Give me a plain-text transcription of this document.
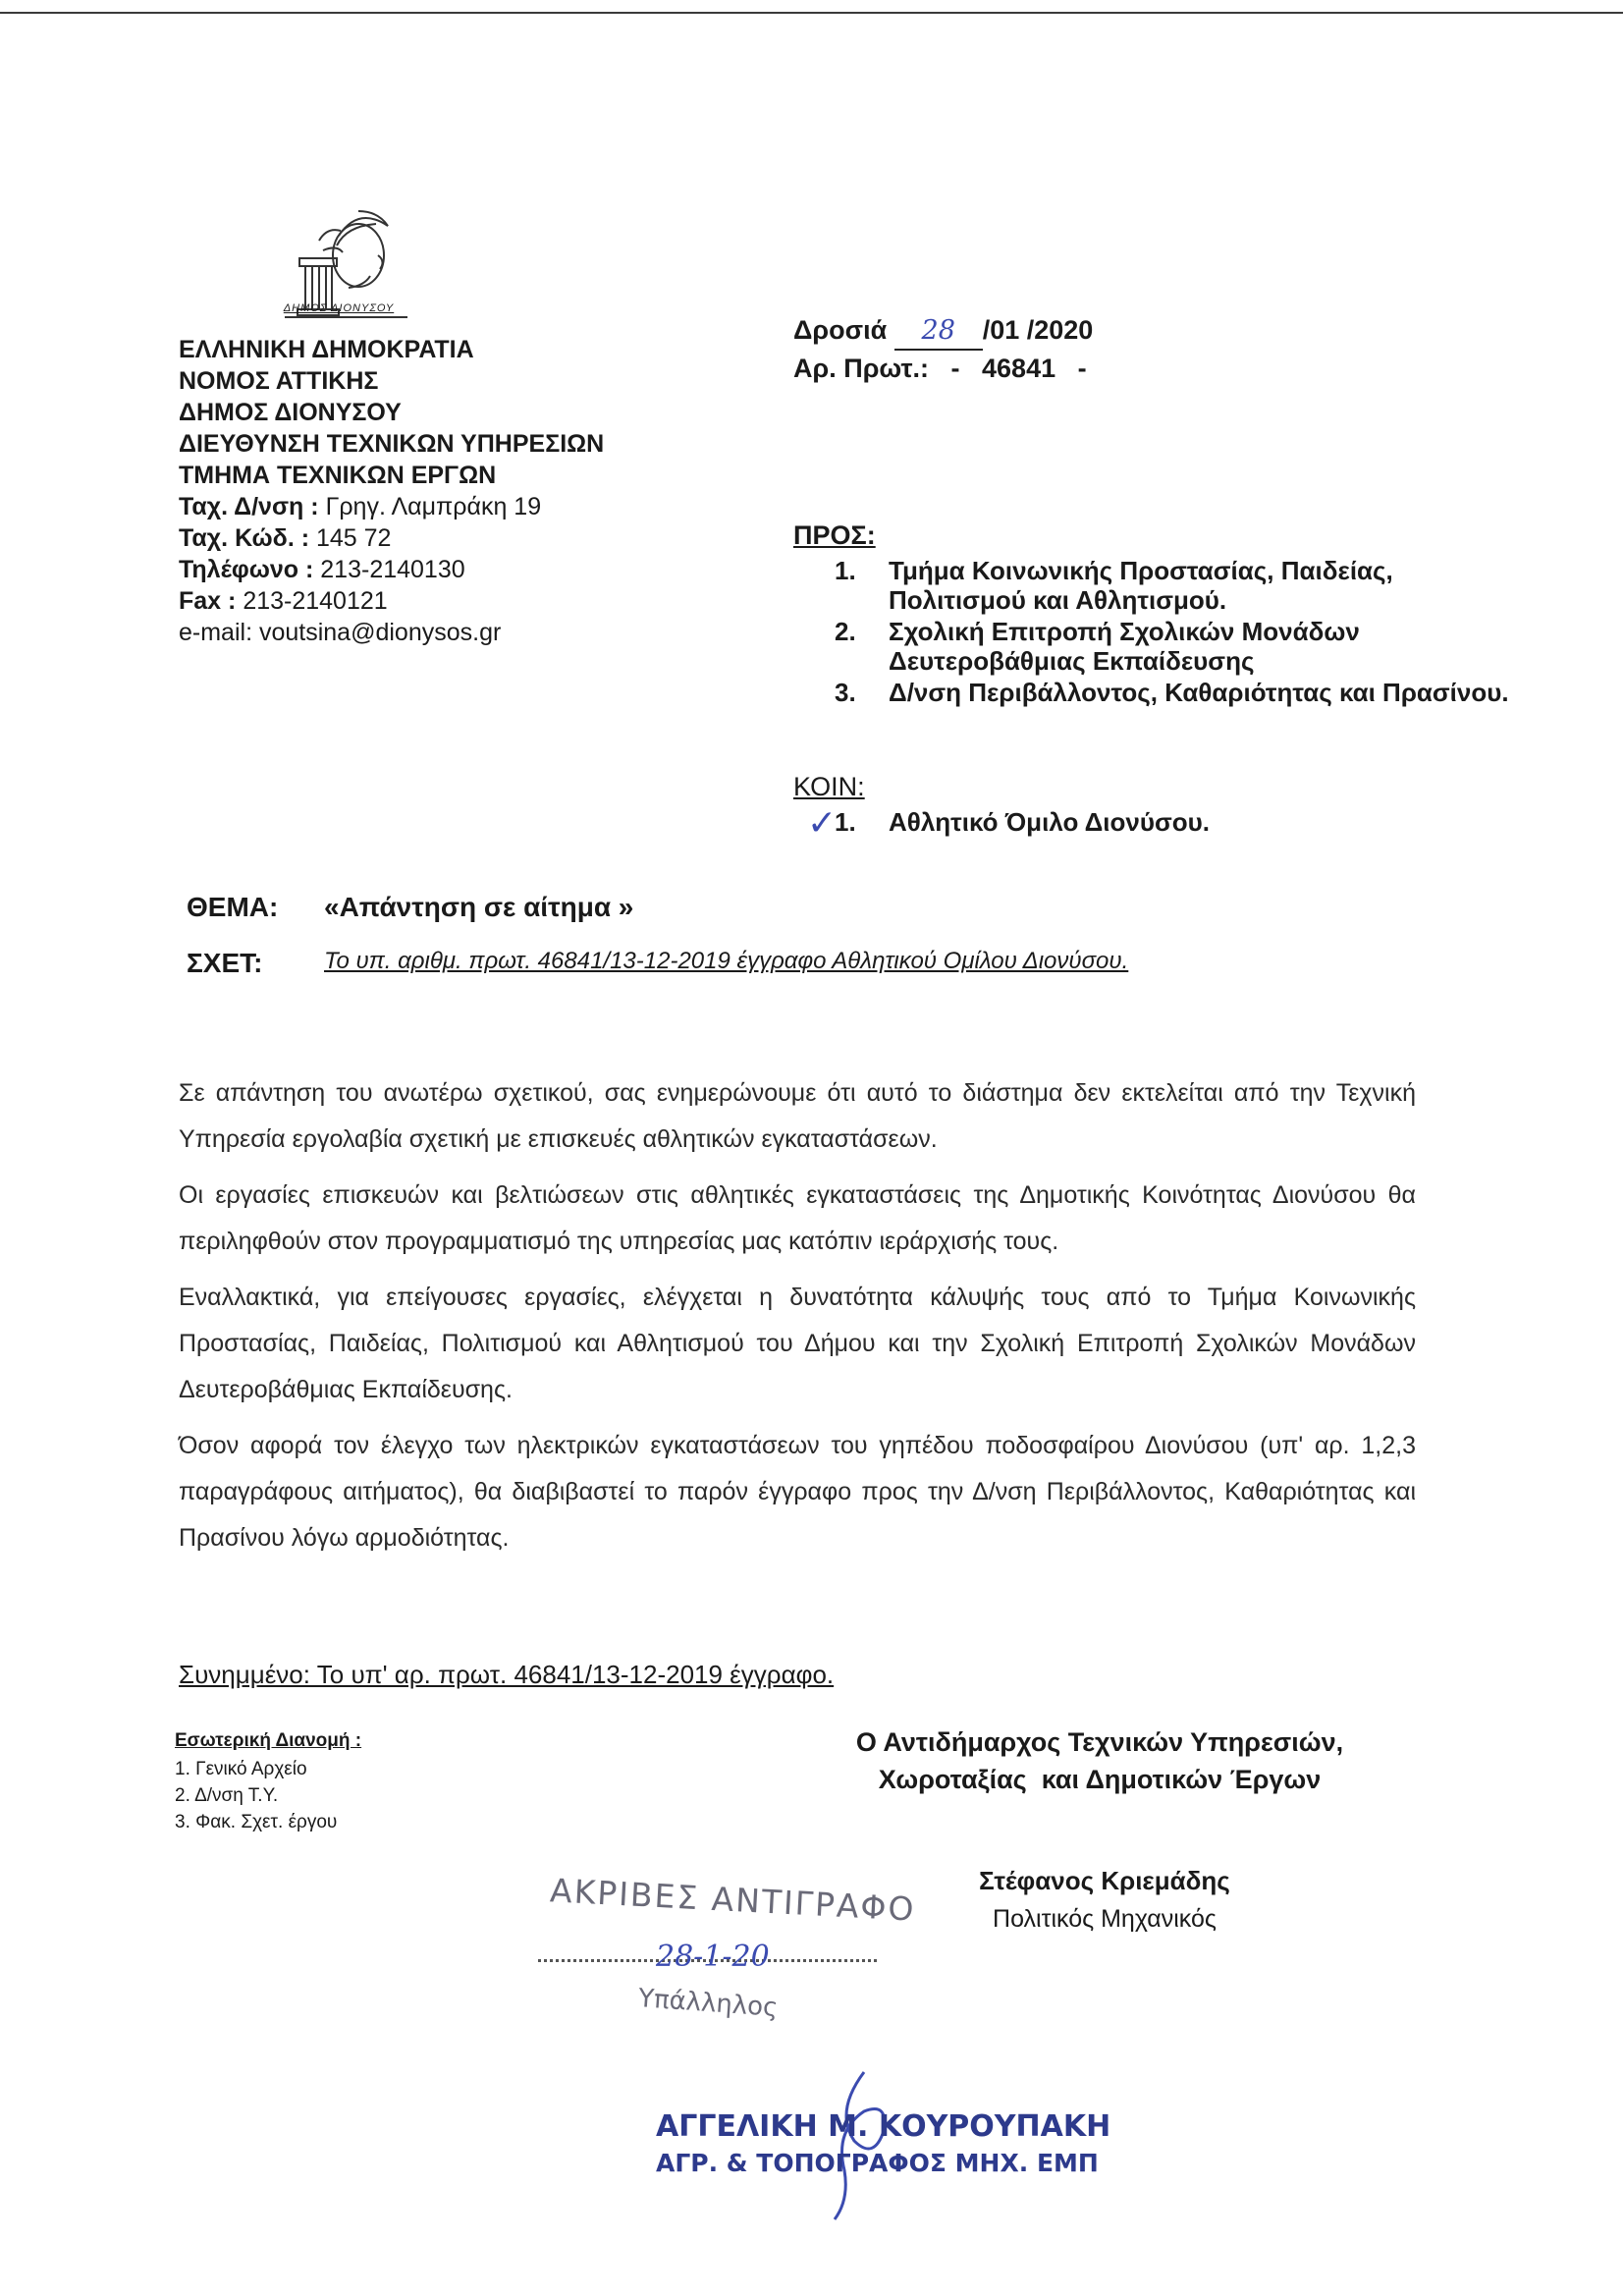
ΔΗΜΟΣ ΔΙΟΝΥΣΟΥ
ΕΛΛΗΝΙΚΗ ΔΗΜΟΚΡΑΤΙΑ
ΝΟΜΟΣ ΑΤΤΙΚΗΣ
ΔΗΜΟΣ ΔΙΟΝΥΣΟΥ
ΔΙΕΥΘΥΝΣΗ ΤΕΧΝΙΚΩΝ ΥΠΗΡΕΣΙΩΝ
ΤΜΗΜΑ ΤΕΧΝΙΚΩΝ ΕΡΓΩΝ
Ταχ. Δ/νση : Γρηγ. Λαμπράκη 19
Ταχ. Κώδ. : 145 72
Τηλέφωνο : 213-2140130
Fax : 213-2140121
e-mail: voutsina@dionysos.gr
Δροσιά 28 /01 /2020
Αρ. Πρωτ.: -   46841   -
ΠΡΟΣ:
1.	Τμήμα Κοινωνικής Προστασίας, Παιδείας, Πολιτισμού και Αθλητισμού.
2.	Σχολική Επιτροπή Σχολικών Μονάδων Δευτεροβάθμιας Εκπαίδευσης
3.	Δ/νση Περιβάλλοντος, Καθαριότητας και Πρασίνου.
ΚΟΙΝ:
✓
1. Αθλητικό Όμιλο Διονύσου.
ΘΕΜΑ: «Απάντηση σε αίτημα »
ΣΧΕΤ:	Το υπ. αριθμ. πρωτ. 46841/13-12-2019 έγγραφο Αθλητικού Ομίλου Διονύσου.

Σε απάντηση του ανωτέρω σχετικού, σας ενημερώνουμε ότι αυτό το διάστημα δεν εκτελείται από την Τεχνική Υπηρεσία εργολαβία σχετική με επισκευές αθλητικών εγκαταστάσεων.

Οι εργασίες επισκευών και βελτιώσεων στις αθλητικές εγκαταστάσεις της Δημοτικής Κοινότητας Διονύσου θα περιληφθούν στον προγραμματισμό της υπηρεσίας μας κατόπιν ιεράρχισής τους.

Εναλλακτικά, για επείγουσες εργασίες, ελέγχεται η δυνατότητα κάλυψής τους από το Τμήμα Κοινωνικής Προστασίας, Παιδείας, Πολιτισμού και Αθλητισμού του Δήμου και την Σχολική Επιτροπή Σχολικών Μονάδων Δευτεροβάθμιας Εκπαίδευσης.

Όσον αφορά τον έλεγχο των ηλεκτρικών εγκαταστάσεων του γηπέδου ποδοσφαίρου Διονύσου (υπ' αρ. 1,2,3 παραγράφους αιτήματος), θα διαβιβαστεί το παρόν έγγραφο προς την Δ/νση Περιβάλλοντος, Καθαριότητας και Πρασίνου λόγω αρμοδιότητας.

Συνημμένο: Το υπ' αρ. πρωτ. 46841/13-12-2019 έγγραφο.
Εσωτερική Διανομή :
1. Γενικό Αρχείο
2. Δ/νση Τ.Υ.
3. Φακ. Σχετ. έργου
Ο Αντιδήμαρχος Τεχνικών Υπηρεσιών,
Χωροταξίας  και Δημοτικών Έργων
Στέφανος Κριεμάδης
Πολιτικός Μηχανικός
ΑΚΡΙΒΕΣ ΑΝΤΙΓΡΑΦΟ
28-1-20
Υπάλληλος
ΑΓΓΕΛΙΚΗ Μ. ΚΟΥΡΟΥΠΑΚΗ
ΑΓΡ. & ΤΟΠΟΓΡΑΦΟΣ ΜΗΧ. ΕΜΠ
